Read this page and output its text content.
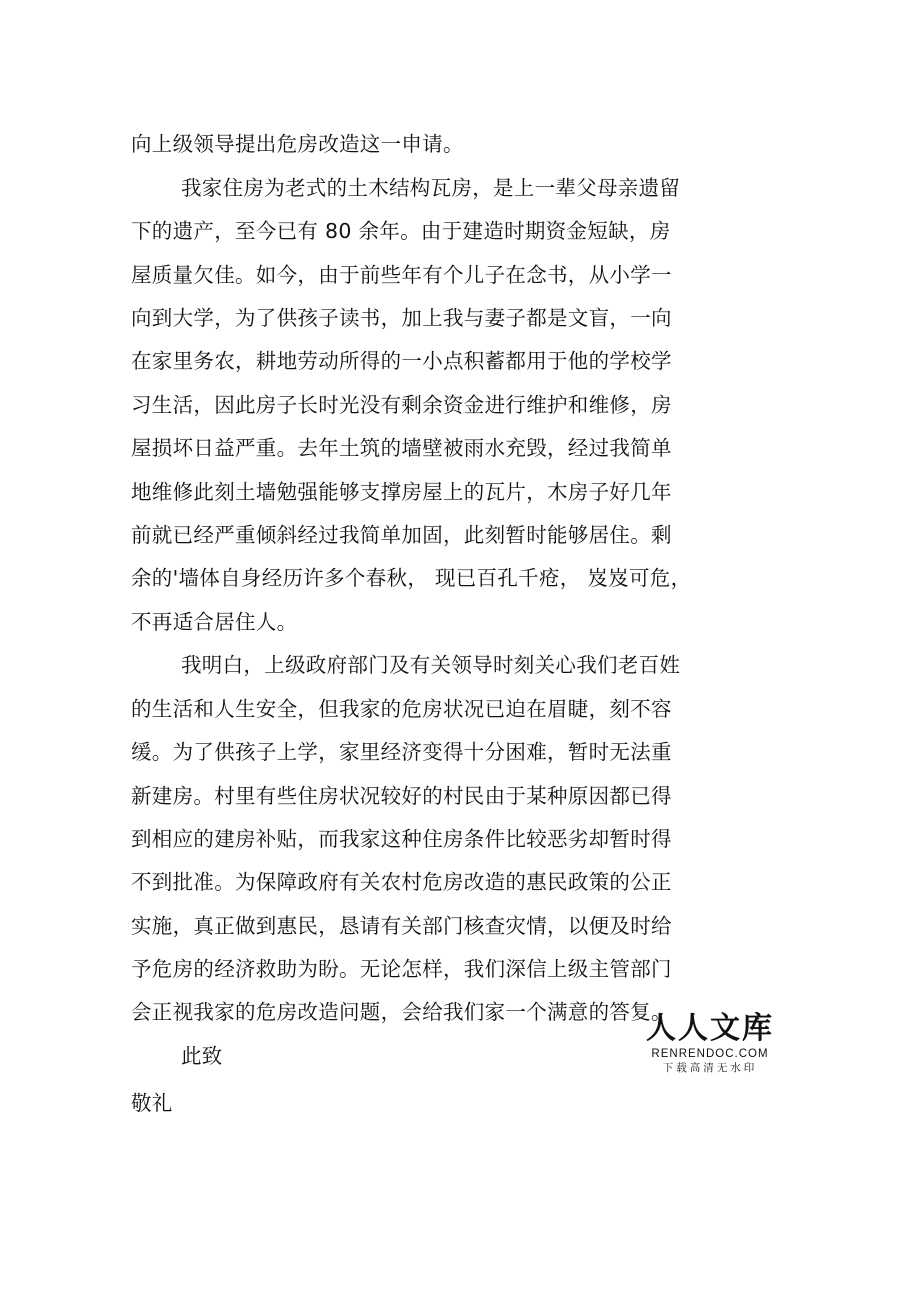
向上级领导提出危房改造这一申请。
我家住房为老式的土木结构瓦房，是上一辈父母亲遗留
下的遗产，至今已有 80 余年。由于建造时期资金短缺，房
屋质量欠佳。如今，由于前些年有个儿子在念书，从小学一
向到大学，为了供孩子读书，加上我与妻子都是文盲，一向
在家里务农，耕地劳动所得的一小点积蓄都用于他的学校学
习生活，因此房子长时光没有剩余资金进行维护和维修，房
屋损坏日益严重。去年土筑的墙壁被雨水充毁，经过我简单
地维修此刻土墙勉强能够支撑房屋上的瓦片，木房子好几年
前就已经严重倾斜经过我简单加固，此刻暂时能够居住。剩
余的'墙体自身经历许多个春秋， 现已百孔千疮， 岌岌可危，
不再适合居住人。
我明白，上级政府部门及有关领导时刻关心我们老百姓
的生活和人生安全，但我家的危房状况已迫在眉睫，刻不容
缓。为了供孩子上学，家里经济变得十分困难，暂时无法重
新建房。村里有些住房状况较好的村民由于某种原因都已得
到相应的建房补贴，而我家这种住房条件比较恶劣却暂时得
不到批准。为保障政府有关农村危房改造的惠民政策的公正
实施，真正做到惠民，恳请有关部门核查灾情，以便及时给
予危房的经济救助为盼。无论怎样，我们深信上级主管部门
会正视我家的危房改造问题，会给我们家一个满意的答复。
此致
敬礼
人人文库
RENRENDOC.COM
下载高清无水印
